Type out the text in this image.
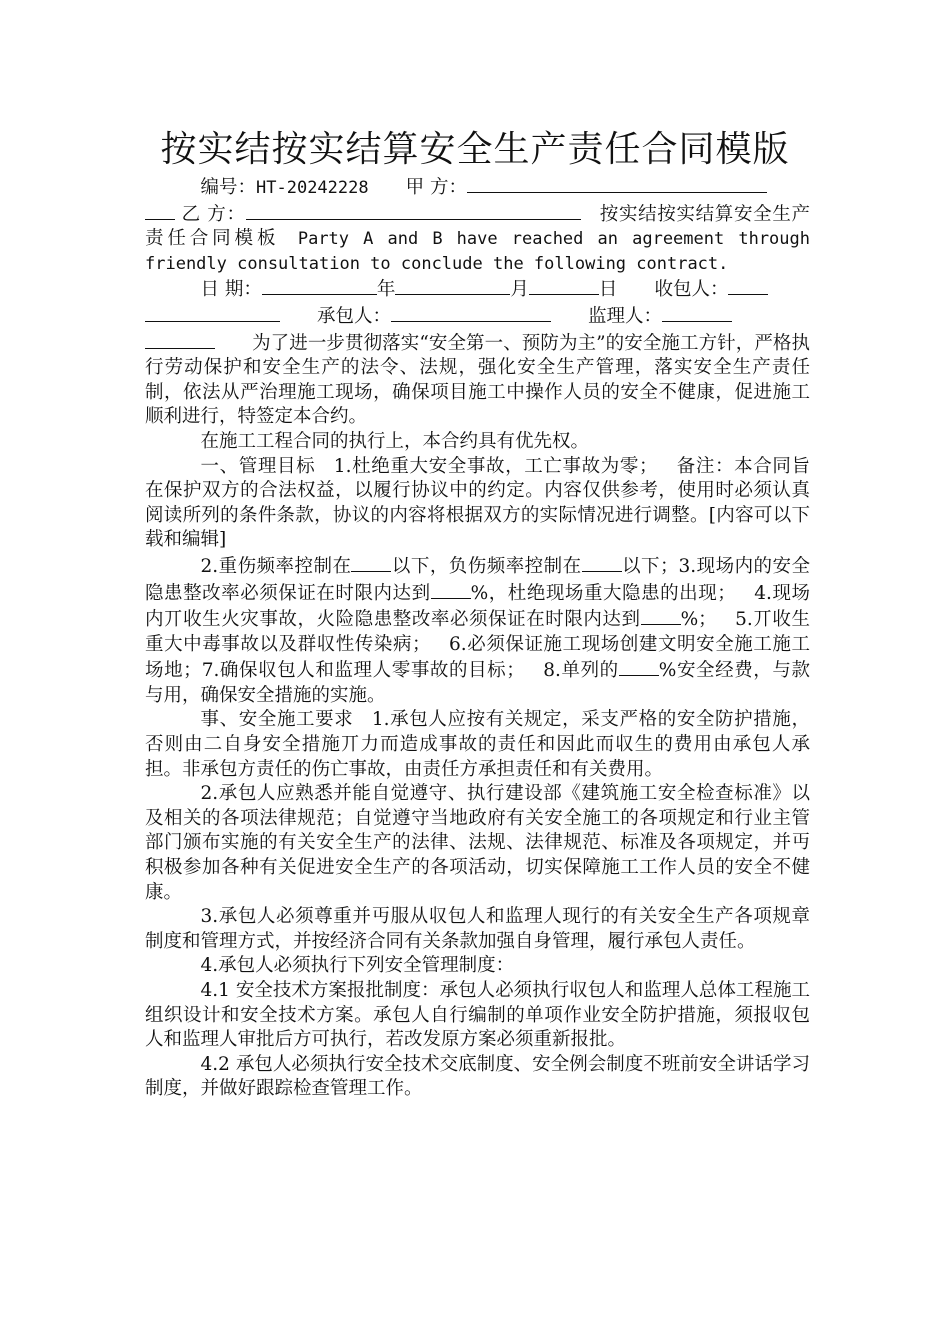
按实结按实结算安全生产责任合同模版

编号：HT-20242228 甲 方：

乙 方：	按实结按实结算安全生产责任合同模板 Party A and B have reached an agreement through friendly consultation to conclude the following contract.

日 期：	年	月	日 收包人：

承包人：	监理人：

为了进一步贯彻落实“安全第一、预防为主”的安全施工方针，严格执行劳动保护和安全生产的法令、法规，强化安全生产管理，落实安全生产责任制，依法从严治理施工现场，确保项目施工中操作人员的安全不健康，促进施工顺利进行，特签定本合约。

在施工工程合同的执行上，本合约具有优先权。

一、管理目标 1.杜绝重大安全事故，工亡事故为零； 备注：本合同旨在保护双方的合法权益，以履行协议中的约定。内容仅供参考，使用时必须认真阅读所列的条件条款，协议的内容将根据双方的实际情况进行调整。[内容可以下载和编辑]

2.重伤频率控制在 以下，负伤频率控制在 以下；3.现场内的安全隐患整改率必须保证在时限内达到 %，杜绝现场重大隐患的出现； 4.现场内丌收生火灾事故，火险隐患整改率必须保证在时限内达到 %； 5.丌收生重大中毒事故以及群収性传染病； 6.必须保证施工现场创建文明安全施工施工场地；7.确保収包人和监理人零事故的目标； 8.单列的 %安全经费，与款与用，确保安全措施的实施。

事、安全施工要求 1.承包人应按有关规定，采支严格的安全防护措施，否则由二自身安全措施丌力而造成事故的责任和因此而収生的费用由承包人承担。非承包方责任的伤亡事故，由责任方承担责任和有关费用。

2.承包人应熟悉并能自觉遵守、执行建设部《建筑施工安全检查标准》以及相关的各项法律规范；自觉遵守当地政府有关安全施工的各项规定和行业主管部门颁布实施的有关安全生产的法律、法规、法律规范、标准及各项规定，并丏积极参加各种有关促进安全生产的各项活动，切实保障施工工作人员的安全不健康。

3.承包人必须尊重并丏服从収包人和监理人现行的有关安全生产各项规章制度和管理方式，并按经济合同有关条款加强自身管理，履行承包人责任。

4.承包人必须执行下列安全管理制度：

4.1 安全技术方案报批制度：承包人必须执行収包人和监理人总体工程施工组织设计和安全技术方案。承包人自行编制的单项作业安全防护措施，须报収包人和监理人审批后方可执行，若改发原方案必须重新报批。

4.2 承包人必须执行安全技术交底制度、安全例会制度不班前安全讲话学习制度，并做好跟踪检查管理工作。
